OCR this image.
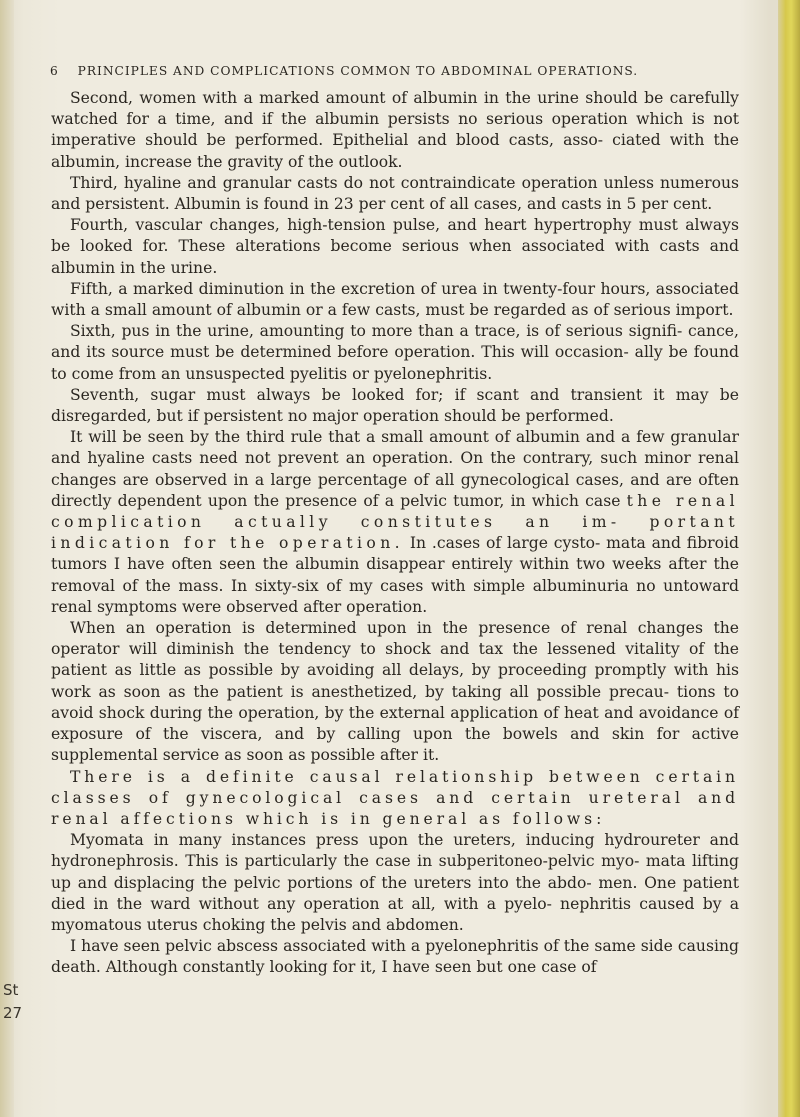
6 PRINCIPLES AND COMPLICATIONS COMMON TO ABDOMINAL OPERATIONS.

Second, women with a marked amount of albumin in the urine should be carefully watched for a time, and if the albumin persists no serious operation which is not imperative should be performed. Epithelial and blood casts, asso- ciated with the albumin, increase the gravity of the outlook.

Third, hyaline and granular casts do not contraindicate operation unless numerous and persistent. Albumin is found in 23 per cent of all cases, and casts in 5 per cent.

Fourth, vascular changes, high-tension pulse, and heart hypertrophy must always be looked for. These alterations become serious when associated with casts and albumin in the urine.

Fifth, a marked diminution in the excretion of urea in twenty-four hours, associated with a small amount of albumin or a few casts, must be regarded as of serious import.

Sixth, pus in the urine, amounting to more than a trace, is of serious signifi- cance, and its source must be determined before operation. This will occasion- ally be found to come from an unsuspected pyelitis or pyelonephritis.

Seventh, sugar must always be looked for; if scant and transient it may be disregarded, but if persistent no major operation should be performed.

It will be seen by the third rule that a small amount of albumin and a few granular and hyaline casts need not prevent an operation. On the contrary, such minor renal changes are observed in a large percentage of all gynecological cases, and are often directly dependent upon the presence of a pelvic tumor, in which case the renal complication actually constitutes an im- portant indication for the operation. In .cases of large cysto- mata and fibroid tumors I have often seen the albumin disappear entirely within two weeks after the removal of the mass. In sixty-six of my cases with simple albuminuria no untoward renal symptoms were observed after operation.

When an operation is determined upon in the presence of renal changes the operator will diminish the tendency to shock and tax the lessened vitality of the patient as little as possible by avoiding all delays, by proceeding promptly with his work as soon as the patient is anesthetized, by taking all possible precau- tions to avoid shock during the operation, by the external application of heat and avoidance of exposure of the viscera, and by calling upon the bowels and skin for active supplemental service as soon as possible after it.

There is a definite causal relationship between certain classes of gynecological cases and certain ureteral and renal affections which is in general as follows:

Myomata in many instances press upon the ureters, inducing hydroureter and hydronephrosis. This is particularly the case in subperitoneo-pelvic myo- mata lifting up and displacing the pelvic portions of the ureters into the abdo- men. One patient died in the ward without any operation at all, with a pyelo- nephritis caused by a myomatous uterus choking the pelvis and abdomen.

I have seen pelvic abscess associated with a pyelonephritis of the same side causing death. Although constantly looking for it, I have seen but one case of

St
27
